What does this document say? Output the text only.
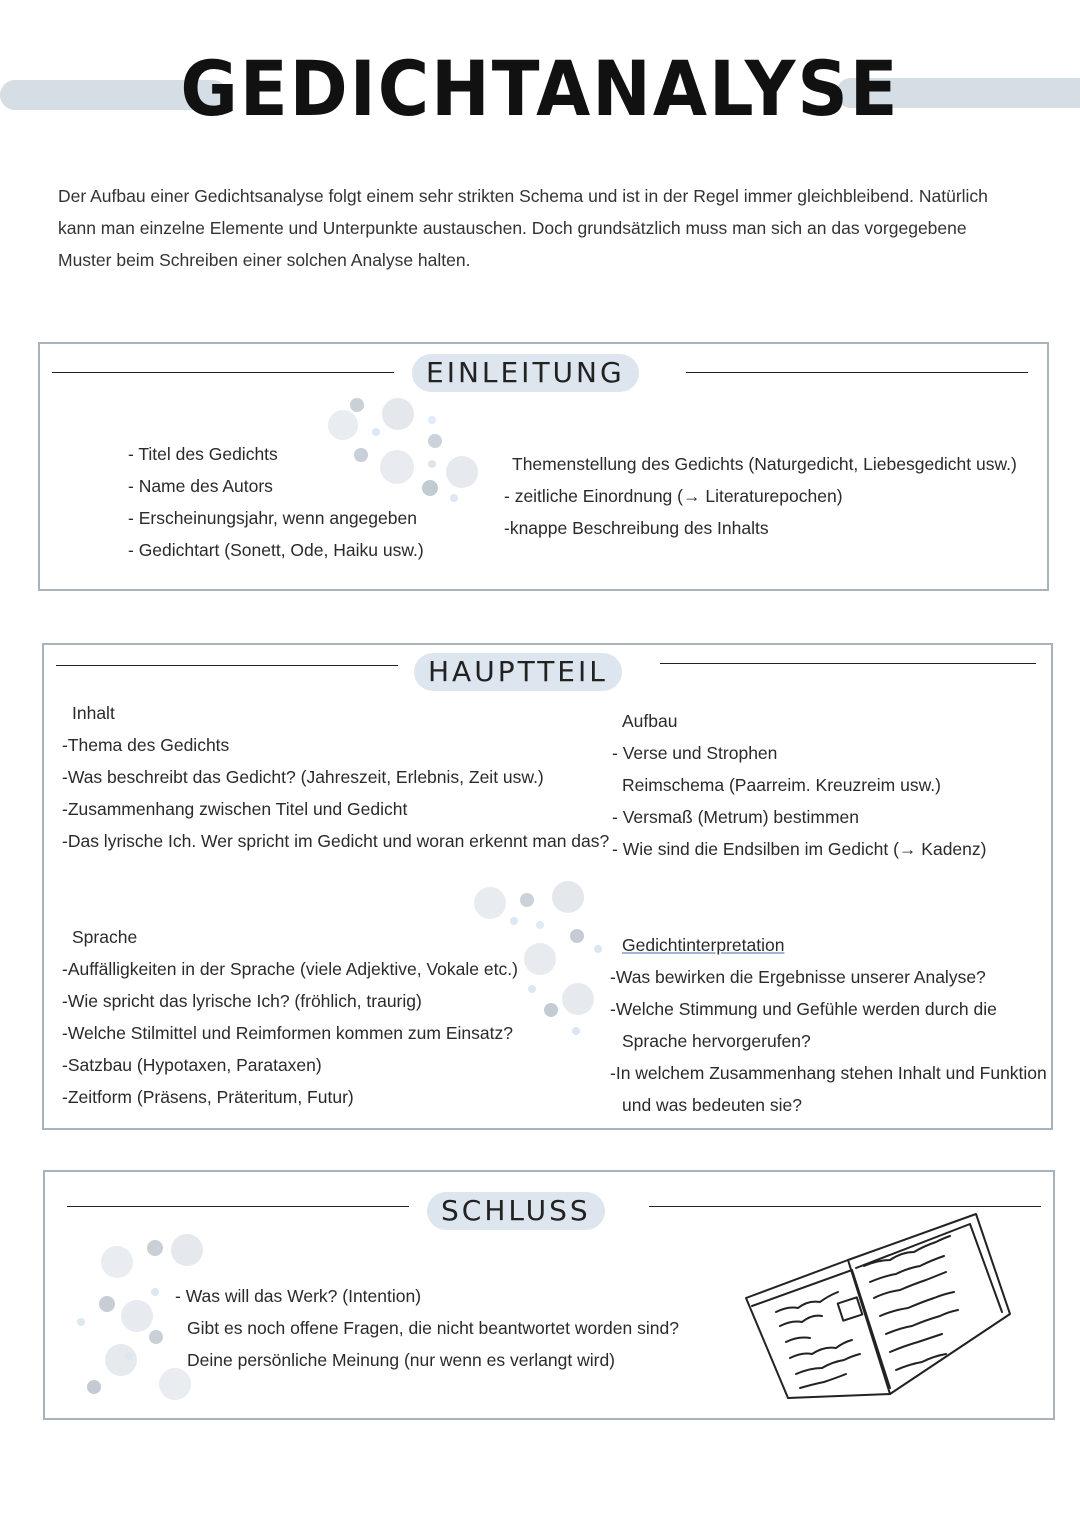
GEDICHTANALYSE

Der Aufbau einer Gedichtsanalyse folgt einem sehr strikten Schema und ist in der Regel immer gleichbleibend. Natürlich kann man einzelne Elemente und Unterpunkte austauschen. Doch grundsätzlich muss man sich an das vorgegebene Muster beim Schreiben einer solchen Analyse halten.

EINLEITUNG
- Titel des Gedichts
- Name des Autors
- Erscheinungsjahr, wenn angegeben
- Gedichtart (Sonett, Ode, Haiku usw.)
Themenstellung des Gedichts (Naturgedicht, Liebesgedicht usw.)
- zeitliche Einordnung (→ Literaturepochen)
-knappe Beschreibung des Inhalts
HAUPTTEIL
Inhalt
-Thema des Gedichts
-Was beschreibt das Gedicht? (Jahreszeit, Erlebnis, Zeit usw.)
-Zusammenhang zwischen Titel und Gedicht
-Das lyrische Ich. Wer spricht im Gedicht und woran erkennt man das?
Aufbau
- Verse und Strophen
Reimschema (Paarreim. Kreuzreim usw.)
- Versmaß (Metrum) bestimmen
- Wie sind die Endsilben im Gedicht (→ Kadenz)
Sprache
-Auffälligkeiten in der Sprache (viele Adjektive, Vokale etc.)
-Wie spricht das lyrische Ich? (fröhlich, traurig)
-Welche Stilmittel und Reimformen kommen zum Einsatz?
-Satzbau (Hypotaxen, Parataxen)
-Zeitform (Präsens, Präteritum, Futur)
Gedichtinterpretation
-Was bewirken die Ergebnisse unserer Analyse?
-Welche Stimmung und Gefühle werden durch die
Sprache hervorgerufen?
-In welchem Zusammenhang stehen Inhalt und Funktion
und was bedeuten sie?
SCHLUSS
- Was will das Werk? (Intention)
Gibt es noch offene Fragen, die nicht beantwortet worden sind?
Deine persönliche Meinung (nur wenn es verlangt wird)
